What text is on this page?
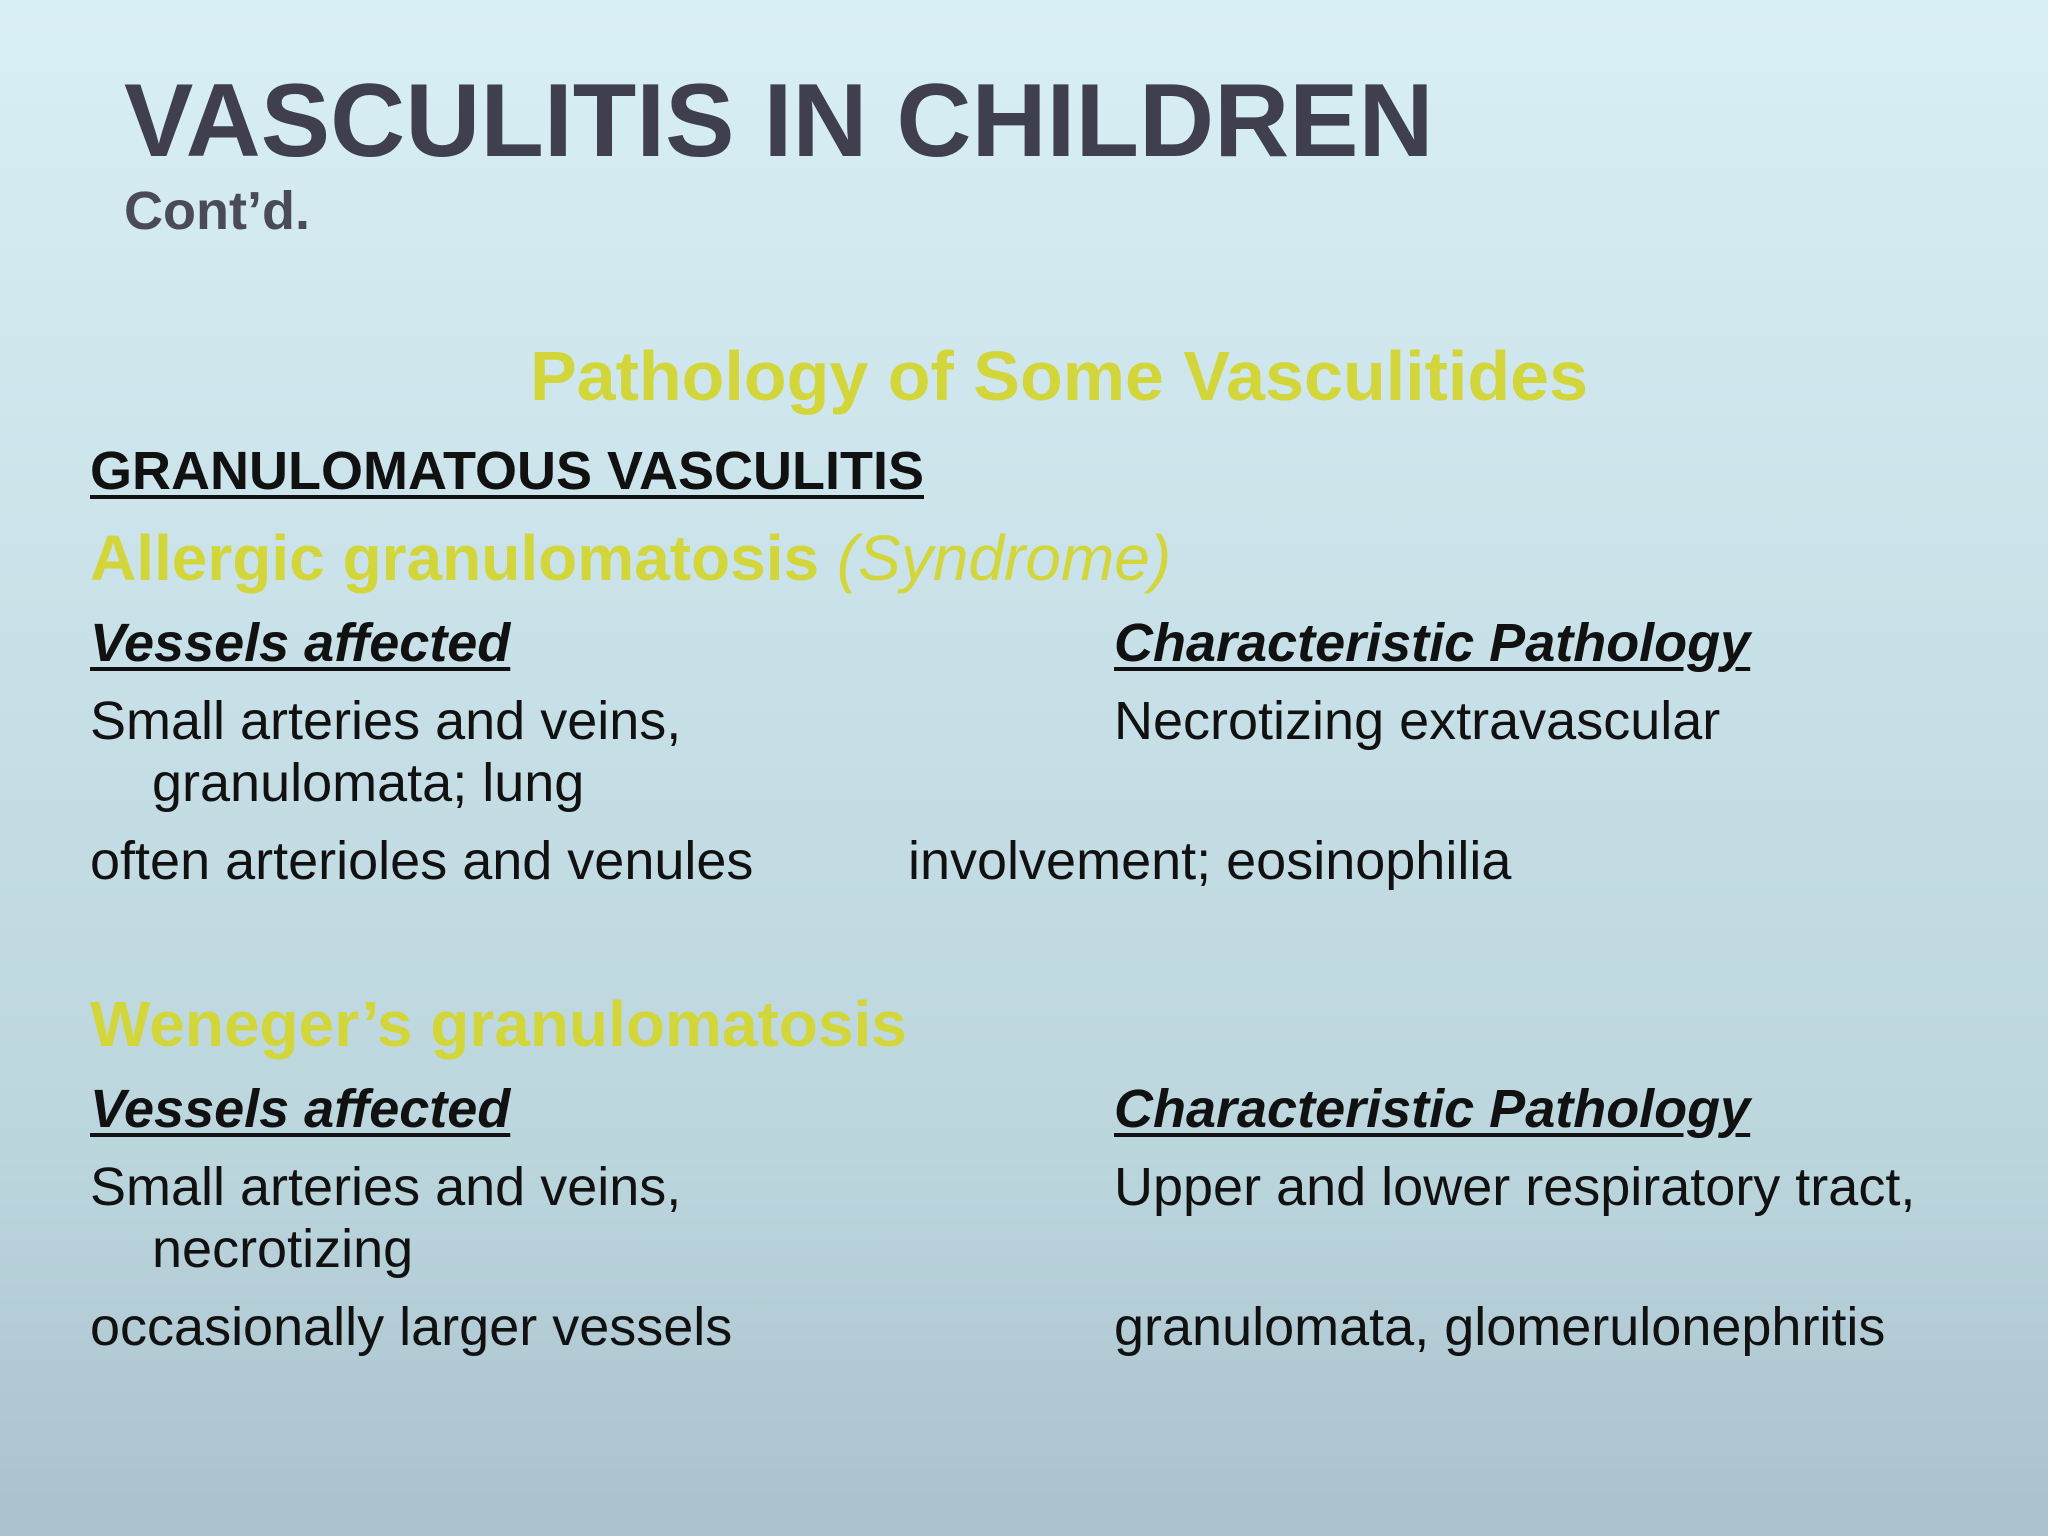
VASCULITIS IN CHILDREN
Cont’d.
Pathology of Some Vasculitides
GRANULOMATOUS VASCULITIS
Allergic granulomatosis (Syndrome)
Vessels affected	Characteristic Pathology
Small arteries and veins,
granulomata; lung
often arterioles and venules
Necrotizing extravascular
involvement; eosinophilia
Weneger’s granulomatosis
Vessels affected	Characteristic Pathology
Small arteries and veins,
necrotizing
occasionally larger vessels
Upper and lower respiratory tract,
granulomata, glomerulonephritis
